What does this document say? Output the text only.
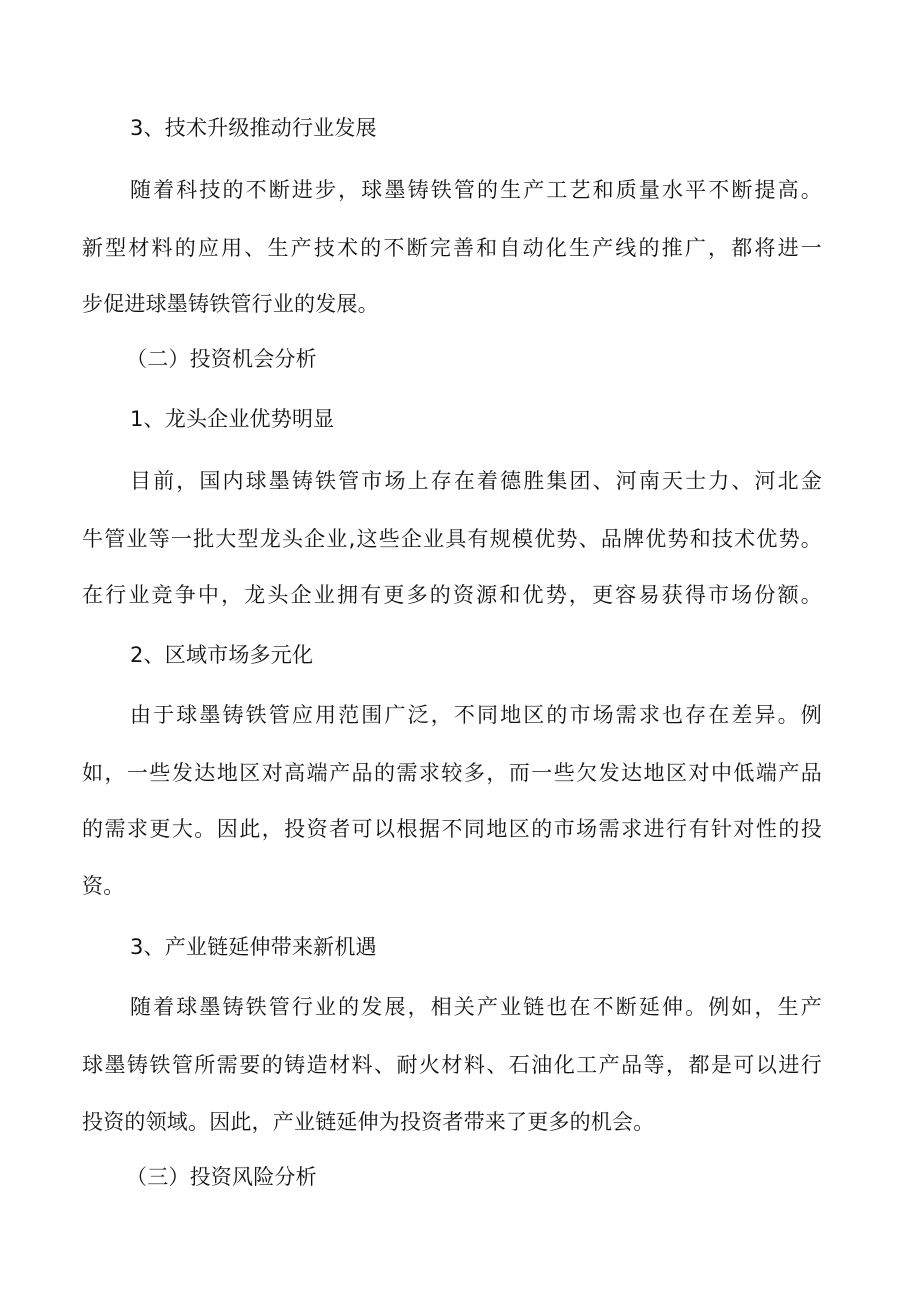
3、技术升级推动行业发展
随着科技的不断进步，球墨铸铁管的生产工艺和质量水平不断提高。
新型材料的应用、生产技术的不断完善和自动化生产线的推广，都将进一
步促进球墨铸铁管行业的发展。
（二）投资机会分析
1、龙头企业优势明显
目前，国内球墨铸铁管市场上存在着德胜集团、河南天士力、河北金
牛管业等一批大型龙头企业,这些企业具有规模优势、品牌优势和技术优势。
在行业竞争中，龙头企业拥有更多的资源和优势，更容易获得市场份额。
2、区域市场多元化
由于球墨铸铁管应用范围广泛，不同地区的市场需求也存在差异。例
如，一些发达地区对高端产品的需求较多，而一些欠发达地区对中低端产品
的需求更大。因此，投资者可以根据不同地区的市场需求进行有针对性的投
资。
3、产业链延伸带来新机遇
随着球墨铸铁管行业的发展，相关产业链也在不断延伸。例如，生产
球墨铸铁管所需要的铸造材料、耐火材料、石油化工产品等，都是可以进行
投资的领域。因此，产业链延伸为投资者带来了更多的机会。
（三）投资风险分析
